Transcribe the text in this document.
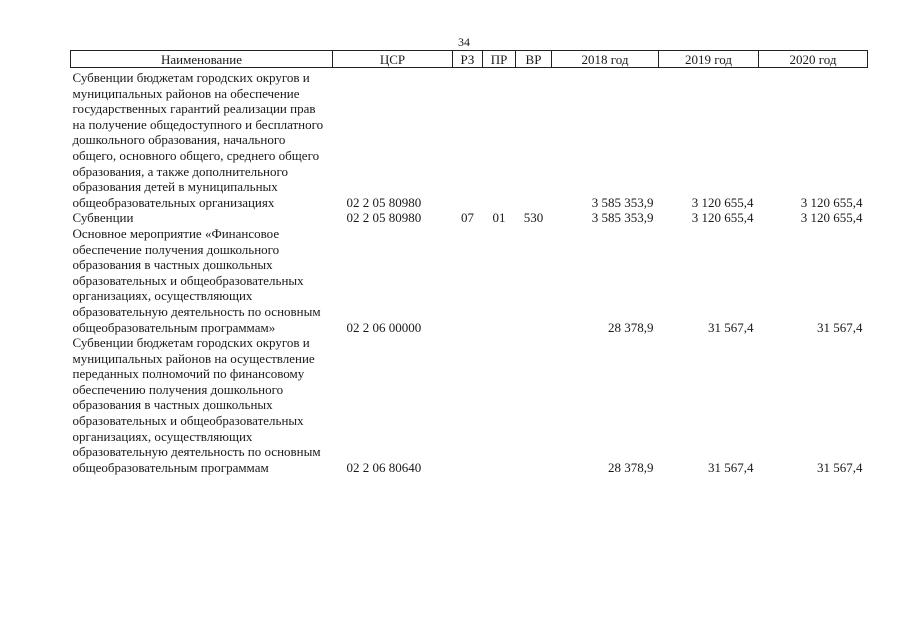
34
Наименование	ЦСР	РЗ	ПР	ВР	2018 год	2019 год	2020 год
Субвенции бюджетам городских округов и муниципальных районов на обеспечение государственных гарантий реализации прав на получение общедоступного и бесплатного дошкольного образования, начального общего, основного общего, среднего общего образования, а также дополнительного образования детей в муниципальных общеобразовательных организациях	02 2 05 80980				3 585 353,9	3 120 655,4	3 120 655,4
Субвенции	02 2 05 80980	07	01	530	3 585 353,9	3 120 655,4	3 120 655,4
Основное мероприятие «Финансовое обеспечение получения дошкольного образования в частных дошкольных образовательных и общеобразовательных организациях, осуществляющих образовательную деятельность по основным общеобразовательным программам»	02 2 06 00000				28 378,9	31 567,4	31 567,4
Субвенции бюджетам городских округов и муниципальных районов на осуществление переданных полномочий по финансовому обеспечению получения дошкольного образования в частных дошкольных образовательных и общеобразовательных организациях, осуществляющих образовательную деятельность по основным общеобразовательным программам	02 2 06 80640				28 378,9	31 567,4	31 567,4
